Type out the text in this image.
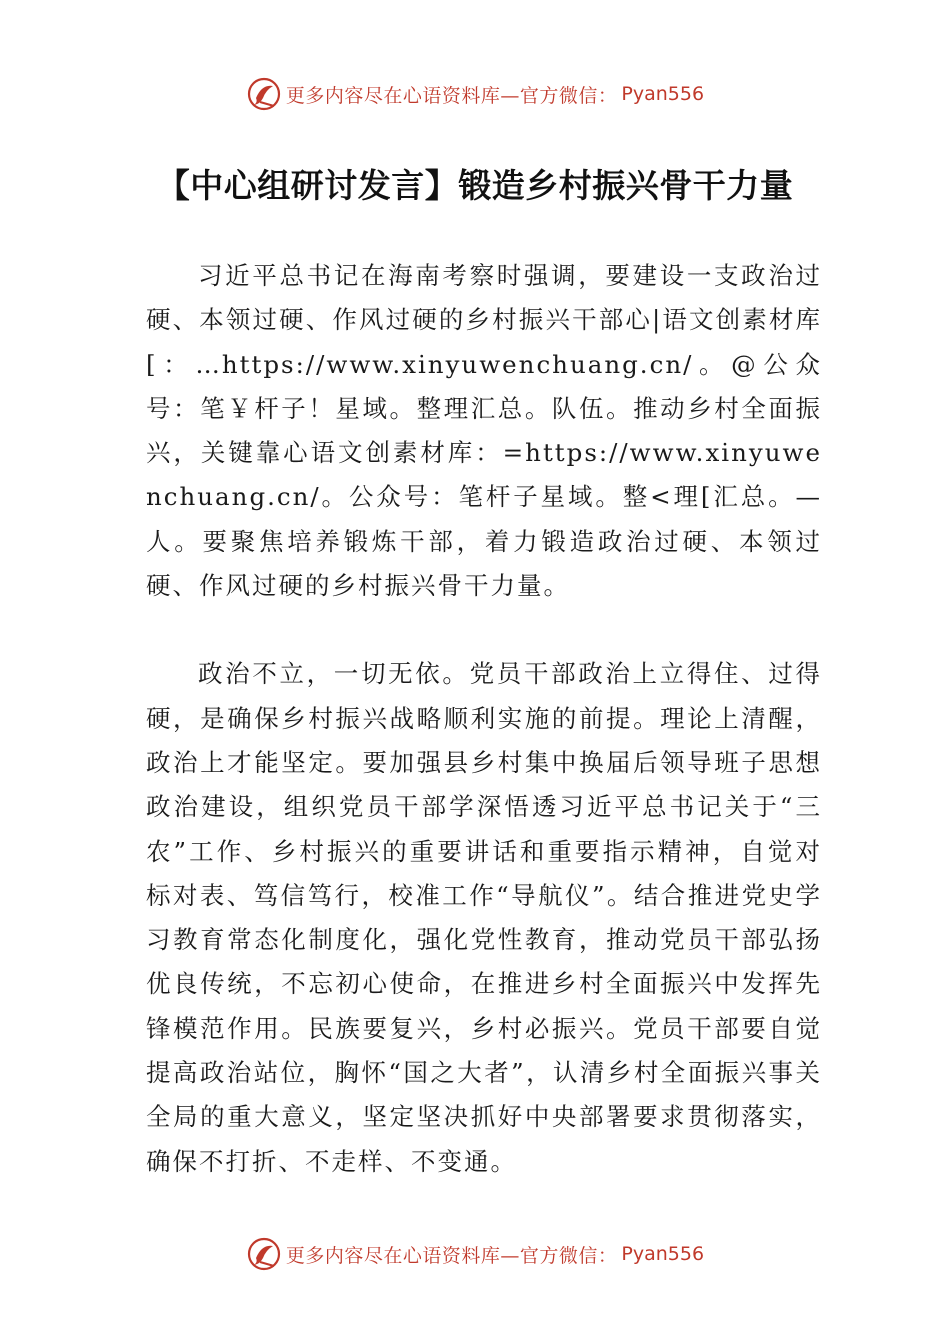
更多内容尽在心语资料库—官方微信： Pyan556
【中心组研讨发言】锻造乡村振兴骨干力量

习近平总书记在海南考察时强调，要建设一支政治过硬、本领过硬、作风过硬的乡村振兴干部心|语文创素材库[：…https://www.xinyuwenchuang.cn/。@公众号：笔￥杆子！星域。整理汇总。队伍。推动乡村全面振兴，关键靠心语文创素材库：=https://www.xinyuwenchuang.cn/。公众号：笔杆子星域。整<理[汇总。—人。要聚焦培养锻炼干部，着力锻造政治过硬、本领过硬、作风过硬的乡村振兴骨干力量。

政治不立，一切无依。党员干部政治上立得住、过得硬，是确保乡村振兴战略顺利实施的前提。理论上清醒，政治上才能坚定。要加强县乡村集中换届后领导班子思想政治建设，组织党员干部学深悟透习近平总书记关于“三农”工作、乡村振兴的重要讲话和重要指示精神，自觉对标对表、笃信笃行，校准工作“导航仪”。结合推进党史学习教育常态化制度化，强化党性教育，推动党员干部弘扬优良传统，不忘初心使命，在推进乡村全面振兴中发挥先锋模范作用。民族要复兴，乡村必振兴。党员干部要自觉提高政治站位，胸怀“国之大者”，认清乡村全面振兴事关全局的重大意义，坚定坚决抓好中央部署要求贯彻落实，确保不打折、不走样、不变通。

更多内容尽在心语资料库—官方微信： Pyan556
